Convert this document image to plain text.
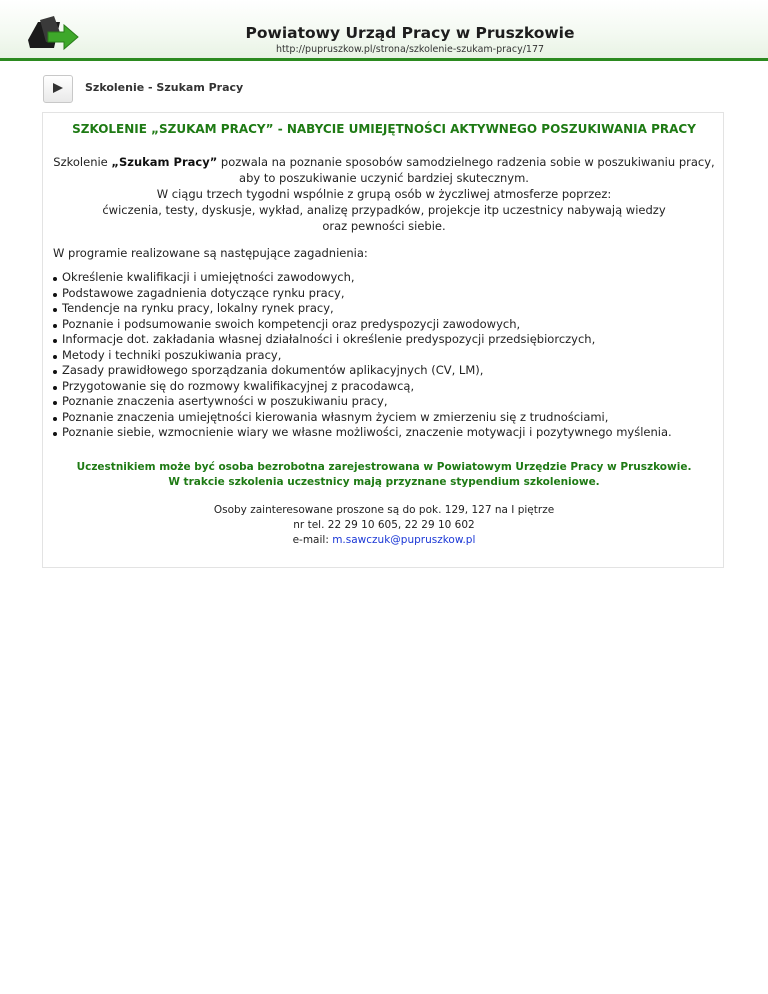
Powiatowy Urząd Pracy w Pruszkowie
http://pupruszkow.pl/strona/szkolenie-szukam-pracy/177
Szkolenie - Szukam Pracy
SZKOLENIE „SZUKAM PRACY” - NABYCIE UMIEJĘTNOŚCI AKTYWNEGO POSZUKIWANIA PRACY
Szkolenie „Szukam Pracy” pozwala na poznanie sposobów samodzielnego radzenia sobie w poszukiwaniu pracy,
aby to poszukiwanie uczynić bardziej skutecznym.
W ciągu trzech tygodni wspólnie z grupą osób w życzliwej atmosferze poprzez:
ćwiczenia, testy, dyskusje, wykład, analizę przypadków, projekcje itp uczestnicy nabywają wiedzy
oraz pewności siebie.
W programie realizowane są następujące zagadnienia:
Określenie kwalifikacji i umiejętności zawodowych,
Podstawowe zagadnienia dotyczące rynku pracy,
Tendencje na rynku pracy, lokalny rynek pracy,
Poznanie i podsumowanie swoich kompetencji oraz predyspozycji zawodowych,
Informacje dot. zakładania własnej działalności i określenie predyspozycji przedsiębiorczych,
Metody i techniki poszukiwania pracy,
Zasady prawidłowego sporządzania dokumentów aplikacyjnych (CV, LM),
Przygotowanie się do rozmowy kwalifikacyjnej z pracodawcą,
Poznanie znaczenia asertywności w poszukiwaniu pracy,
Poznanie znaczenia umiejętności kierowania własnym życiem w zmierzeniu się z trudnościami,
Poznanie siebie, wzmocnienie wiary we własne możliwości, znaczenie motywacji i pozytywnego myślenia.
Uczestnikiem może być osoba bezrobotna zarejestrowana w Powiatowym Urzędzie Pracy w Pruszkowie.
W trakcie szkolenia uczestnicy mają przyznane stypendium szkoleniowe.
Osoby zainteresowane proszone są do pok. 129, 127 na I piętrze
nr tel. 22 29 10 605, 22 29 10 602
e-mail: m.sawczuk@pupruszkow.pl
